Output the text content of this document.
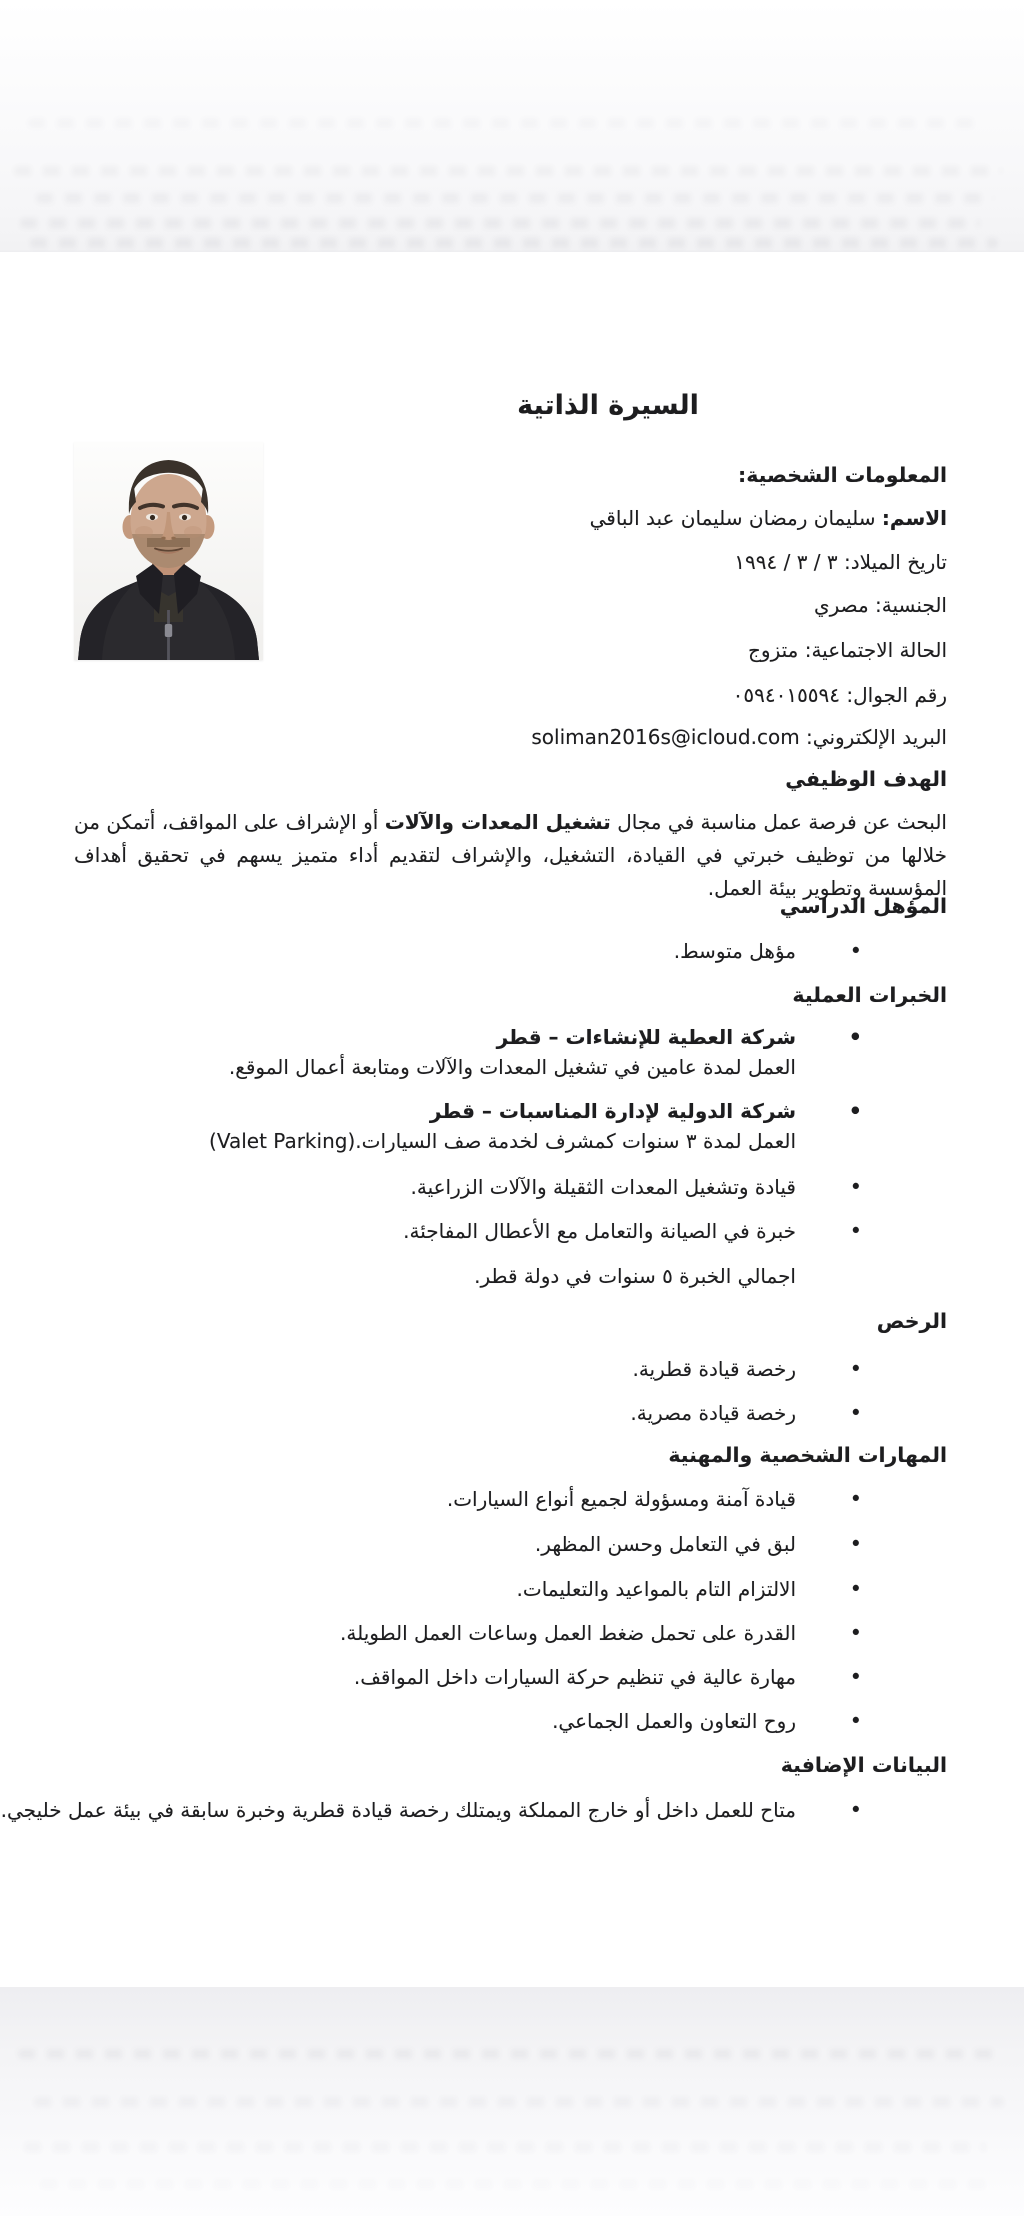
السيرة الذاتية
المعلومات الشخصية:
الاسم: سليمان رمضان سليمان عبد الباقي
تاريخ الميلاد: ٣ / ٣ / ١٩٩٤
الجنسية: مصري
الحالة الاجتماعية: متزوج
رقم الجوال: ٠٥٩٤٠١٥٥٩٤
البريد الإلكتروني: soliman2016s@icloud.com
الهدف الوظيفي
البحث عن فرصة عمل مناسبة في مجال تشغيل المعدات والآلات أو الإشراف على المواقف، أتمكن من خلالها من توظيف خبرتي في القيادة، التشغيل، والإشراف لتقديم أداء متميز يسهم في تحقيق أهداف المؤسسة وتطوير بيئة العمل.
المؤهل الدراسي
• مؤهل متوسط.
الخبرات العملية
• شركة العطية للإنشاءات – قطر
العمل لمدة عامين في تشغيل المعدات والآلات ومتابعة أعمال الموقع.
• شركة الدولية لإدارة المناسبات – قطر
العمل لمدة ٣ سنوات كمشرف لخدمة صف السيارات.(Valet Parking)
• قيادة وتشغيل المعدات الثقيلة والآلات الزراعية.
• خبرة في الصيانة والتعامل مع الأعطال المفاجئة.
اجمالي الخبرة ٥ سنوات في دولة قطر.
الرخص
• رخصة قيادة قطرية.
• رخصة قيادة مصرية.
المهارات الشخصية والمهنية
• قيادة آمنة ومسؤولة لجميع أنواع السيارات.
• لبق في التعامل وحسن المظهر.
• الالتزام التام بالمواعيد والتعليمات.
• القدرة على تحمل ضغط العمل وساعات العمل الطويلة.
• مهارة عالية في تنظيم حركة السيارات داخل المواقف.
• روح التعاون والعمل الجماعي.
البيانات الإضافية
• متاح للعمل داخل أو خارج المملكة ويمتلك رخصة قيادة قطرية وخبرة سابقة في بيئة عمل خليجي.
